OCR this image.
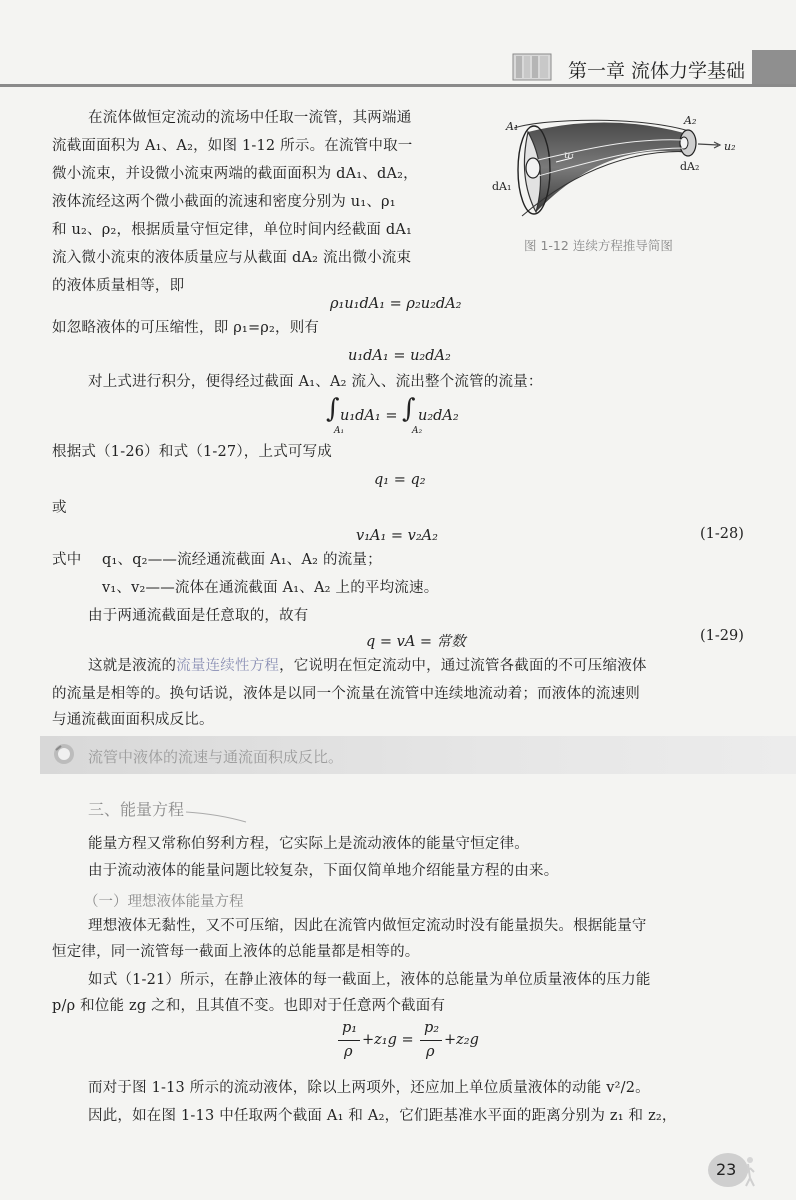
第一章 流体力学基础
在流体做恒定流动的流场中任取一流管，其两端通
流截面面积为 A₁、A₂，如图 1-12 所示。在流管中取一
微小流束，并设微小流束两端的截面面积为 dA₁、dA₂，
液体流经这两个微小截面的流速和密度分别为 u₁、ρ₁
和 u₂、ρ₂，根据质量守恒定律，单位时间内经截面 dA₁
流入微小流束的液体质量应与从截面 dA₂ 流出微小流束
的液体质量相等，即
A₁	A₂
u₁
u₂
dA₁
dA₂
图 1-12 连续方程推导简图
ρ₁u₁dA₁ = ρ₂u₂dA₂
如忽略液体的可压缩性，即 ρ₁=ρ₂，则有
u₁dA₁ = u₂dA₂
对上式进行积分，便得经过截面 A₁、A₂ 流入、流出整个流管的流量：
∫ u₁dA₁ =
A₁
∫ u₂dA₂
A₂
根据式（1-26）和式（1-27），上式可写成
q₁ = q₂
或
v₁A₁ = v₂A₂	(1-28)
式中 q₁、q₂——流经通流截面 A₁、A₂ 的流量；
v₁、v₂——流体在通流截面 A₁、A₂ 上的平均流速。
由于两通流截面是任意取的，故有
q = vA = 常数	(1-29)
这就是液流的流量连续性方程，它说明在恒定流动中，通过流管各截面的不可压缩液体
的流量是相等的。换句话说，液体是以同一个流量在流管中连续地流动着；而液体的流速则
与通流截面面积成反比。
流管中液体的流速与通流面积成反比。
三、能量方程
能量方程又常称伯努利方程，它实际上是流动液体的能量守恒定律。
由于流动液体的能量问题比较复杂，下面仅简单地介绍能量方程的由来。
（一）理想液体能量方程
理想液体无黏性，又不可压缩，因此在流管内做恒定流动时没有能量损失。根据能量守
恒定律，同一流管每一截面上液体的总能量都是相等的。
如式（1-21）所示，在静止液体的每一截面上，液体的总能量为单位质量液体的压力能
p/ρ 和位能 zg 之和，且其值不变。也即对于任意两个截面有
p₁
ρ
+z₁g =
p₂
ρ
+z₂g
而对于图 1-13 所示的流动液体，除以上两项外，还应加上单位质量液体的动能 v²/2。
因此，如在图 1-13 中任取两个截面 A₁ 和 A₂，它们距基准水平面的距离分别为 z₁ 和 z₂，
23
